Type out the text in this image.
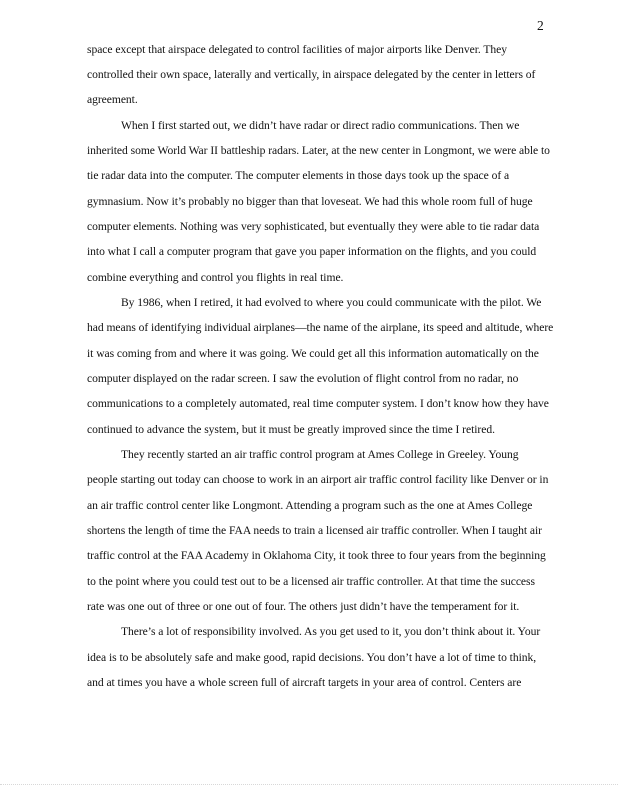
2
space except that airspace delegated to control facilities of major airports like Denver. They
controlled their own space, laterally and vertically, in airspace delegated by the center in letters of
agreement.
When I first started out, we didn’t have radar or direct radio communications. Then we
inherited some World War II battleship radars. Later, at the new center in Longmont, we were able to
tie radar data into the computer. The computer elements in those days took up the space of a
gymnasium. Now it’s probably no bigger than that loveseat. We had this whole room full of huge
computer elements. Nothing was very sophisticated, but eventually they were able to tie radar data
into what I call a computer program that gave you paper information on the flights, and you could
combine everything and control you flights in real time.
By 1986, when I retired, it had evolved to where you could communicate with the pilot. We
had means of identifying individual airplanes—the name of the airplane, its speed and altitude, where
it was coming from and where it was going. We could get all this information automatically on the
computer displayed on the radar screen. I saw the evolution of flight control from no radar, no
communications to a completely automated, real time computer system. I don’t know how they have
continued to advance the system, but it must be greatly improved since the time I retired.
They recently started an air traffic control program at Ames College in Greeley. Young
people starting out today can choose to work in an airport air traffic control facility like Denver or in
an air traffic control center like Longmont. Attending a program such as the one at Ames College
shortens the length of time the FAA needs to train a licensed air traffic controller. When I taught air
traffic control at the FAA Academy in Oklahoma City, it took three to four years from the beginning
to the point where you could test out to be a licensed air traffic controller. At that time the success
rate was one out of three or one out of four. The others just didn’t have the temperament for it.
There’s a lot of responsibility involved. As you get used to it, you don’t think about it. Your
idea is to be absolutely safe and make good, rapid decisions. You don’t have a lot of time to think,
and at times you have a whole screen full of aircraft targets in your area of control. Centers are
